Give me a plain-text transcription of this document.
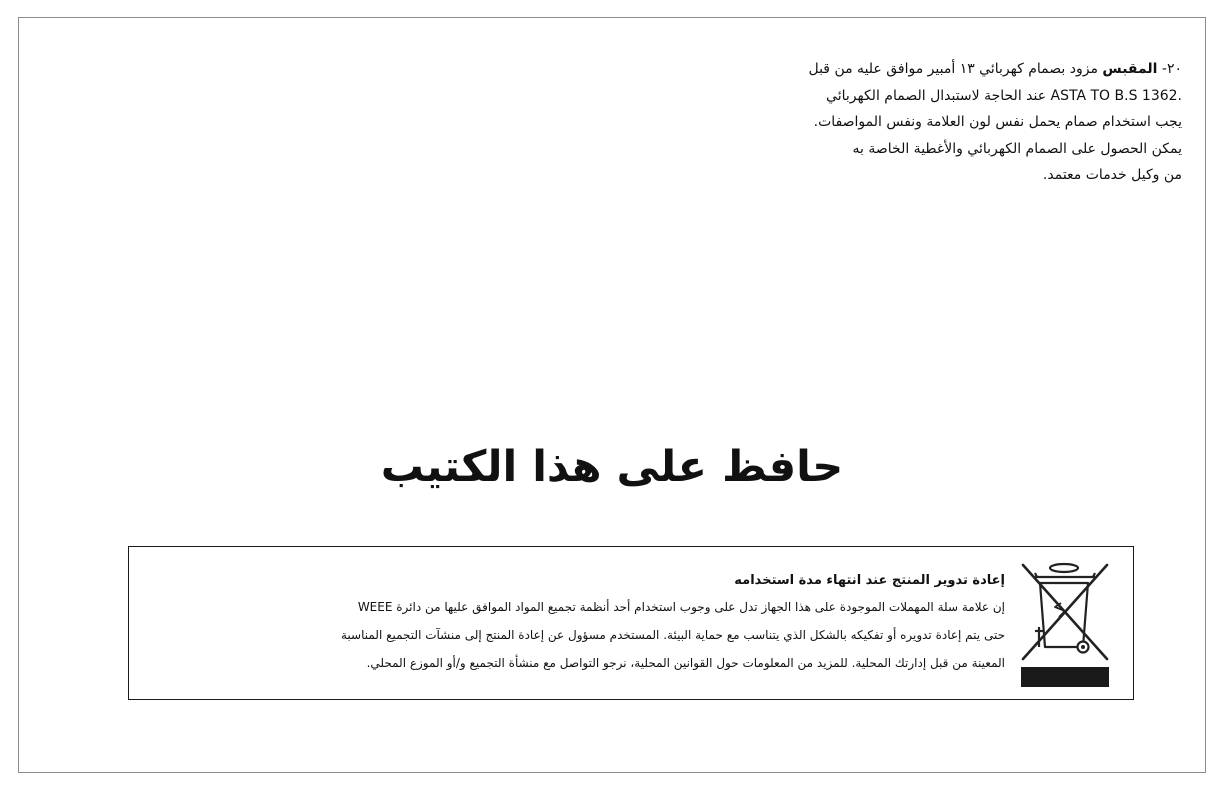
٢٠- المقبس مزود بصمام كهربائي ١٣ أمبير موافق عليه من قبل
ASTA TO B.S 1362. عند الحاجة لاستبدال الصمام الكهربائي
يجب استخدام صمام يحمل نفس لون العلامة ونفس المواصفات.
يمكن الحصول على الصمام الكهربائي والأغطية الخاصة به
من وكيل خدمات معتمد.
حافظ على هذا الكتيب
إعادة تدوير المنتج عند انتهاء مدة استخدامه
إن علامة سلة المهملات الموجودة على هذا الجهاز تدل على وجوب استخدام أحد أنظمة تجميع المواد الموافق عليها من دائرة WEEE
حتى يتم إعادة تدويره أو تفكيكه بالشكل الذي يتناسب مع حماية البيئة. المستخدم مسؤول عن إعادة المنتج إلى منشآت التجميع المناسبة
المعينة من قبل إدارتك المحلية. للمزيد من المعلومات حول القوانين المحلية، نرجو التواصل مع منشأة التجميع و/أو الموزع المحلي.
